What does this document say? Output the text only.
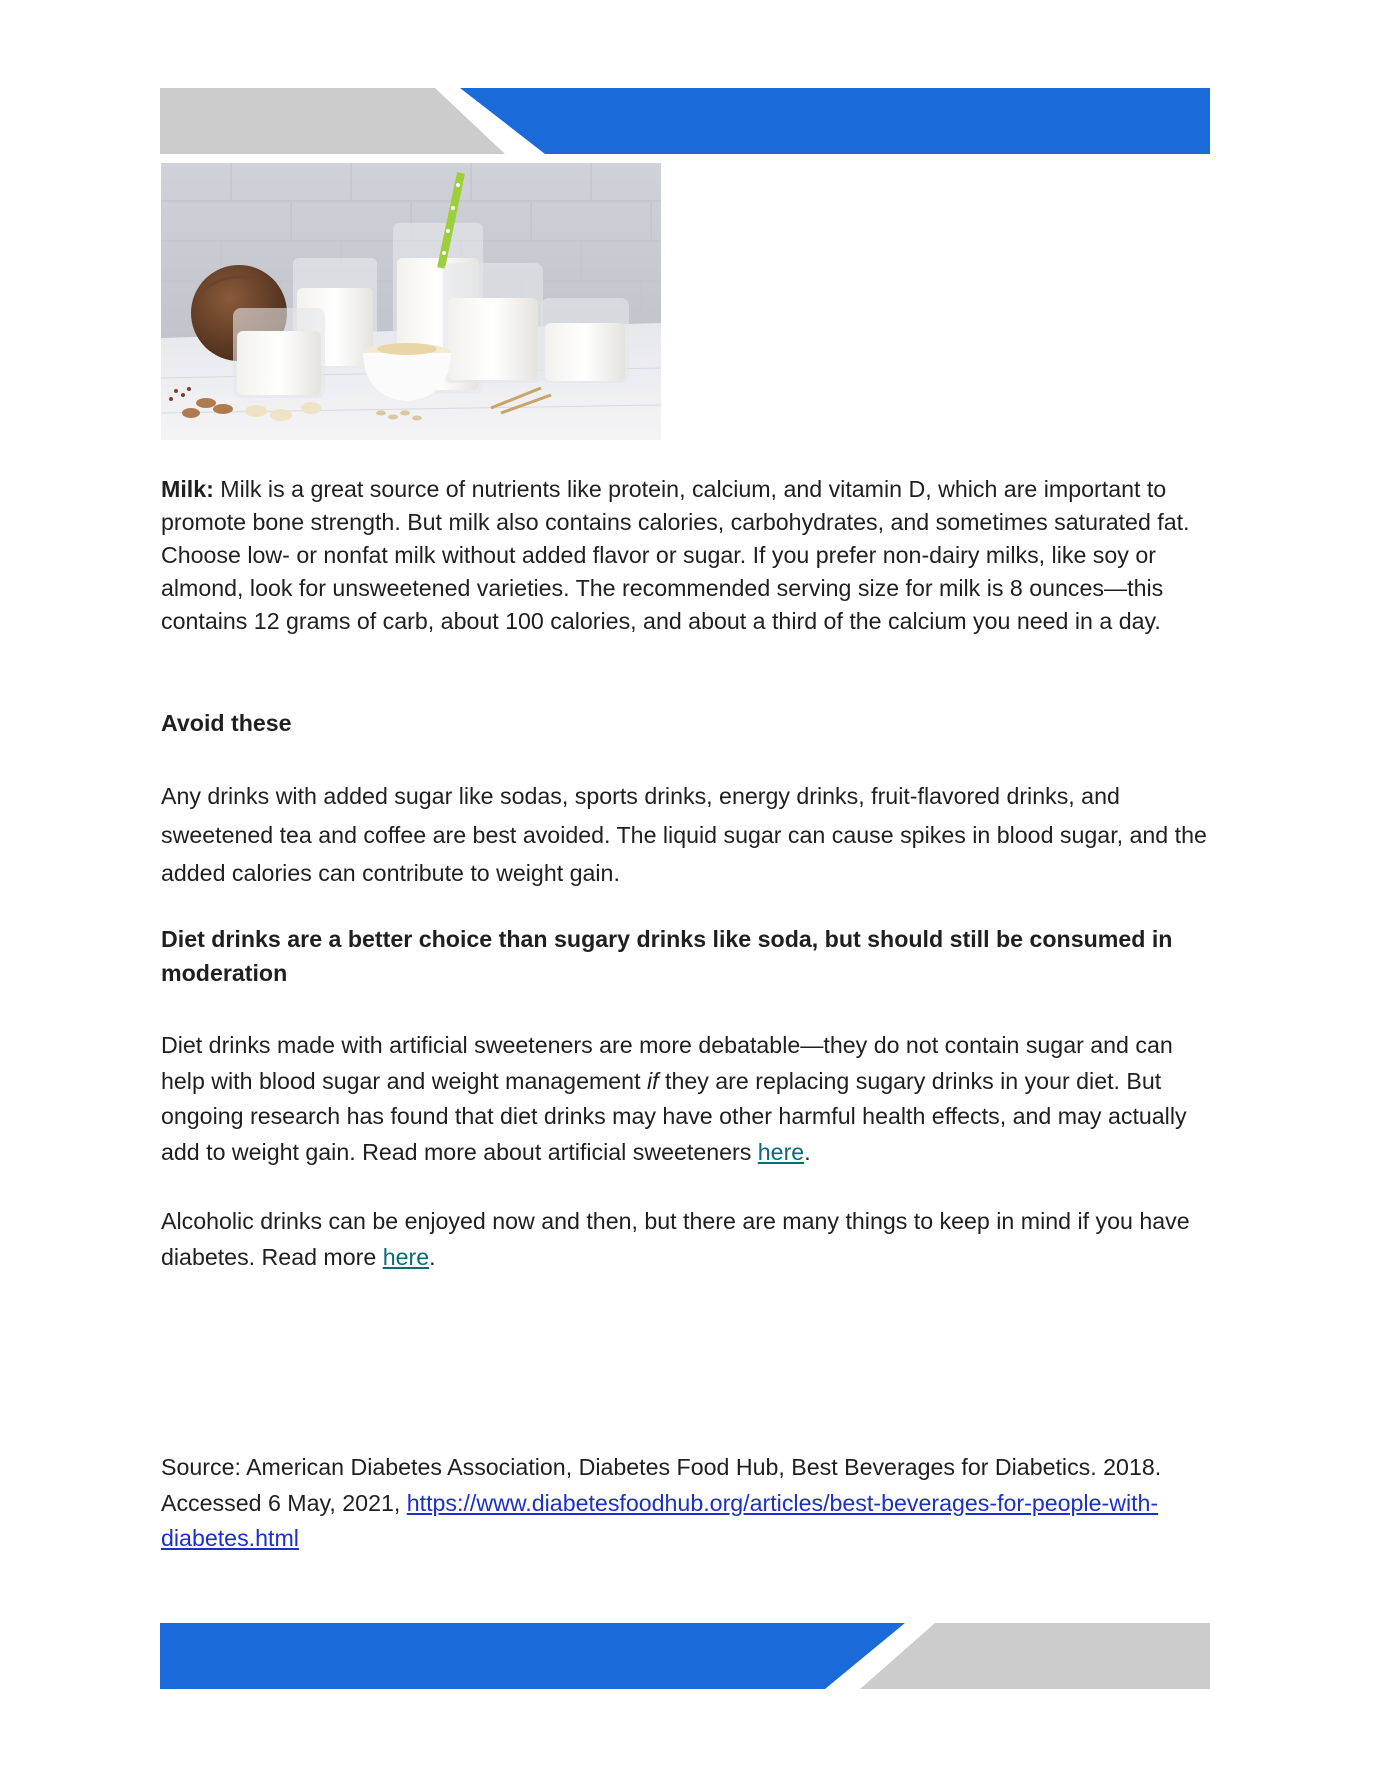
Milk: Milk is a great source of nutrients like protein, calcium, and vitamin D, which are important to promote bone strength. But milk also contains calories, carbohydrates, and sometimes saturated fat. Choose low- or nonfat milk without added flavor or sugar. If you prefer non-dairy milks, like soy or almond, look for unsweetened varieties. The recommended serving size for milk is 8 ounces—this contains 12 grams of carb, about 100 calories, and about a third of the calcium you need in a day.

Avoid these

Any drinks with added sugar like sodas, sports drinks, energy drinks, fruit-flavored drinks, and sweetened tea and coffee are best avoided. The liquid sugar can cause spikes in blood sugar, and the added calories can contribute to weight gain.

Diet drinks are a better choice than sugary drinks like soda, but should still be consumed in moderation

Diet drinks made with artificial sweeteners are more debatable—they do not contain sugar and can help with blood sugar and weight management if they are replacing sugary drinks in your diet. But ongoing research has found that diet drinks may have other harmful health effects, and may actually add to weight gain. Read more about artificial sweeteners here.

Alcoholic drinks can be enjoyed now and then, but there are many things to keep in mind if you have diabetes. Read more here.

Source: American Diabetes Association, Diabetes Food Hub, Best Beverages for Diabetics. 2018. Accessed 6 May, 2021, https://www.diabetesfoodhub.org/articles/best-beverages-for-people-with-diabetes.html
